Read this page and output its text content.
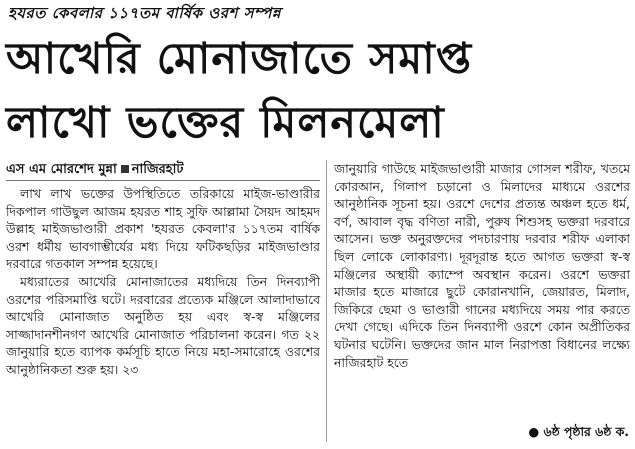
হযরত কেবলার ১১৭তম বার্ষিক ওরশ সম্পন্ন
আখেরি মোনাজাতে সমাপ্ত
লাখো ভক্তের মিলনমেলা
এস এম মোরশেদ মুন্না নাজিরহাট

লাখ লাখ ভক্তের উপস্থিতিতে তরিকায়ে মাইজ-ভাণ্ডারীর দিকপাল গাউছুল আজম হযরত শাহ সুফি আল্লামা সৈয়দ আহমদ উল্লাহ মাইজভাণ্ডারী প্রকাশ 'হযরত কেবলা'র ১১৭তম বার্ষিক ওরশ ধর্মীয় ভাবগাম্ভীর্যের মধ্য দিয়ে ফটিকছড়ির মাইজভাণ্ডার দরবারে গতকাল সম্পন্ন হয়েছে।

মধ্যরাতের আখেরি মোনাজাতের মধ্যদিয়ে তিন দিনব্যাপী ওরশের পরিসমাপ্তি ঘটে। দরবারের প্রত্যেক মঞ্জিলে আলাদাভাবে আখেরি মোনাজাত অনুষ্ঠিত হয় এবং স্ব-স্ব মঞ্জিলের সাজ্জাদানশীনগণ আখেরি মোনাজাত পরিচালনা করেন। গত ২২ জানুয়ারি হতে ব্যাপক কর্মসূচি হাতে নিয়ে মহা-সমারোহে ওরশের আনুষ্ঠানিকতা শুরু হয়। ২৩

জানুয়ারি গাউছে মাইজভাণ্ডারী মাজার গোসল শরীফ, খতমে কোরআন, গিলাপ চড়ানো ও মিলাদের মাধ্যমে ওরশের আনুষ্ঠানিক সূচনা হয়। ওরশে দেশের প্রত্যন্ত অঞ্চল হতে ধর্ম, বর্ণ, আবাল বৃদ্ধ বণিতা নারী, পুরুষ শিশুসহ ভক্তরা দরবারে আসেন। ভক্ত অনুরক্তদের পদচারণায় দরবার শরীফ এলাকা ছিল লোকে লোকারণ্য। দূরদূরান্ত হতে আগত ভক্তরা স্ব-স্ব মঞ্জিলের অস্থায়ী ক্যাম্পে অবস্থান করেন। ওরশে ভক্তরা মাজার হতে মাজারে ছুটে কোরানখানি, জেয়ারত, মিলাদ, জিকিরে ছেমা ও ভাণ্ডারী গানের মধ্যদিয়ে সময় পার করতে দেখা গেছে। এদিকে তিন দিনব্যাপী ওরশে কোন অপ্রীতিকর ঘটনার ঘটেনি। ভক্তদের জান মাল নিরাপত্তা বিধানের লক্ষ্যে নাজিরহাট হতে

● ৬ষ্ঠ পৃষ্ঠার ৬ষ্ঠ ক.
